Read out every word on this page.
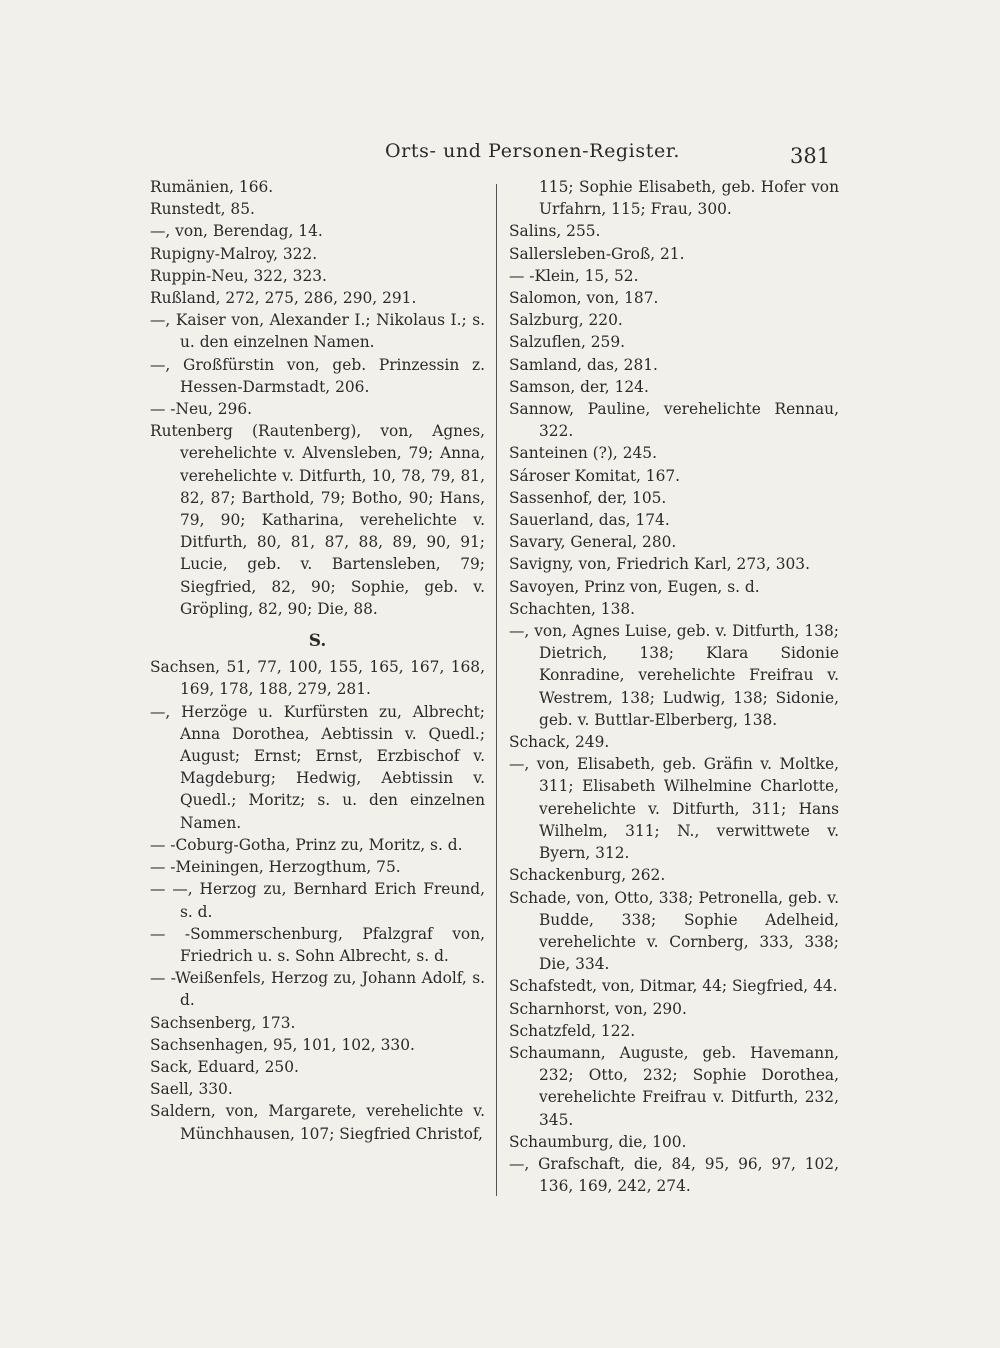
Orts- und Personen-Register.	381
Rumänien, 166.
Runstedt, 85.
—, von, Berendag, 14.
Rupigny-Malroy, 322.
Ruppin-Neu, 322, 323.
Rußland, 272, 275, 286, 290, 291.
—, Kaiser von, Alexander I.; Nikolaus I.; s. u. den einzelnen Namen.
—, Großfürstin von, geb. Prinzessin z. Hessen-Darmstadt, 206.
— -Neu, 296.
Rutenberg (Rautenberg), von, Agnes, verehelichte v. Alvensleben, 79; Anna, verehelichte v. Ditfurth, 10, 78, 79, 81, 82, 87; Barthold, 79; Botho, 90; Hans, 79, 90; Katharina, verehelichte v. Ditfurth, 80, 81, 87, 88, 89, 90, 91; Lucie, geb. v. Bartensleben, 79; Siegfried, 82, 90; Sophie, geb. v. Gröpling, 82, 90; Die, 88.
S.
Sachsen, 51, 77, 100, 155, 165, 167, 168, 169, 178, 188, 279, 281.
—, Herzöge u. Kurfürsten zu, Albrecht; Anna Dorothea, Aebtissin v. Quedl.; August; Ernst; Ernst, Erzbischof v. Magdeburg; Hedwig, Aebtissin v. Quedl.; Moritz; s. u. den einzelnen Namen.
— -Coburg-Gotha, Prinz zu, Moritz, s. d.
— -Meiningen, Herzogthum, 75.
— —, Herzog zu, Bernhard Erich Freund, s. d.
— -Sommerschenburg, Pfalzgraf von, Friedrich u. s. Sohn Albrecht, s. d.
— -Weißenfels, Herzog zu, Johann Adolf, s. d.
Sachsenberg, 173.
Sachsenhagen, 95, 101, 102, 330.
Sack, Eduard, 250.
Saell, 330.
Saldern, von, Margarete, verehelichte v. Münchhausen, 107; Siegfried Christof,
115; Sophie Elisabeth, geb. Hofer von Urfahrn, 115; Frau, 300.
Salins, 255.
Sallersleben-Groß, 21.
— -Klein, 15, 52.
Salomon, von, 187.
Salzburg, 220.
Salzuflen, 259.
Samland, das, 281.
Samson, der, 124.
Sannow, Pauline, verehelichte Rennau, 322.
Santeinen (?), 245.
Sároser Komitat, 167.
Sassenhof, der, 105.
Sauerland, das, 174.
Savary, General, 280.
Savigny, von, Friedrich Karl, 273, 303.
Savoyen, Prinz von, Eugen, s. d.
Schachten, 138.
—, von, Agnes Luise, geb. v. Ditfurth, 138; Dietrich, 138; Klara Sidonie Konradine, verehelichte Freifrau v. Westrem, 138; Ludwig, 138; Sidonie, geb. v. Buttlar-Elberberg, 138.
Schack, 249.
—, von, Elisabeth, geb. Gräfin v. Moltke, 311; Elisabeth Wilhelmine Charlotte, verehelichte v. Ditfurth, 311; Hans Wilhelm, 311; N., verwittwete v. Byern, 312.
Schackenburg, 262.
Schade, von, Otto, 338; Petronella, geb. v. Budde, 338; Sophie Adelheid, verehelichte v. Cornberg, 333, 338; Die, 334.
Schafstedt, von, Ditmar, 44; Siegfried, 44.
Scharnhorst, von, 290.
Schatzfeld, 122.
Schaumann, Auguste, geb. Havemann, 232; Otto, 232; Sophie Dorothea, verehelichte Freifrau v. Ditfurth, 232, 345.
Schaumburg, die, 100.
—, Grafschaft, die, 84, 95, 96, 97, 102, 136, 169, 242, 274.
